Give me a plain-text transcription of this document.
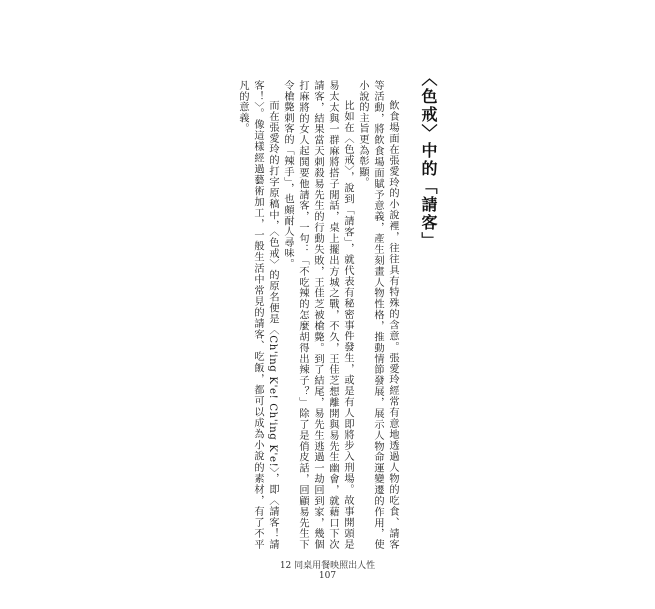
〈色戒〉中的「請客」

飲食場面在張愛玲的小說裡，往往具有特殊的含意。張愛玲經常有意地透過人物的吃食、請客等活動，將飲食場面賦予意義，產生刻畫人物性格，推動情節發展，展示人物命運變遷的作用，使小說的主旨更為彰顯。

比如在〈色戒〉，說到「請客」，就代表有秘密事件發生，或是有人即將步入刑場。故事開頭是易太太與一群麻將搭子閒話，桌上擺出方城之戰，不久，王佳芝想離開與易先生幽會，就藉口下次請客，結果當天刺殺易先生的行動失敗，王佳芝被槍斃。到了結尾，易先生逃過一劫回到家，幾個打麻將的女人起鬨要他請客，一句：「不吃辣的怎麼胡得出辣子？」除了是俏皮話，回顧易先生下令槍斃刺客的「辣手」，也頗耐人尋味。

而在張愛玲的打字原稿中，〈色戒〉的原名便是〈Ch'ing K'e! Ch'ing K'e!〉，即〈請客！請客！〉。像這樣經過藝術加工，一般生活中常見的請客、吃飯，都可以成為小說的素材，有了不平凡的意義。

12 同桌用餐映照出人性
107
